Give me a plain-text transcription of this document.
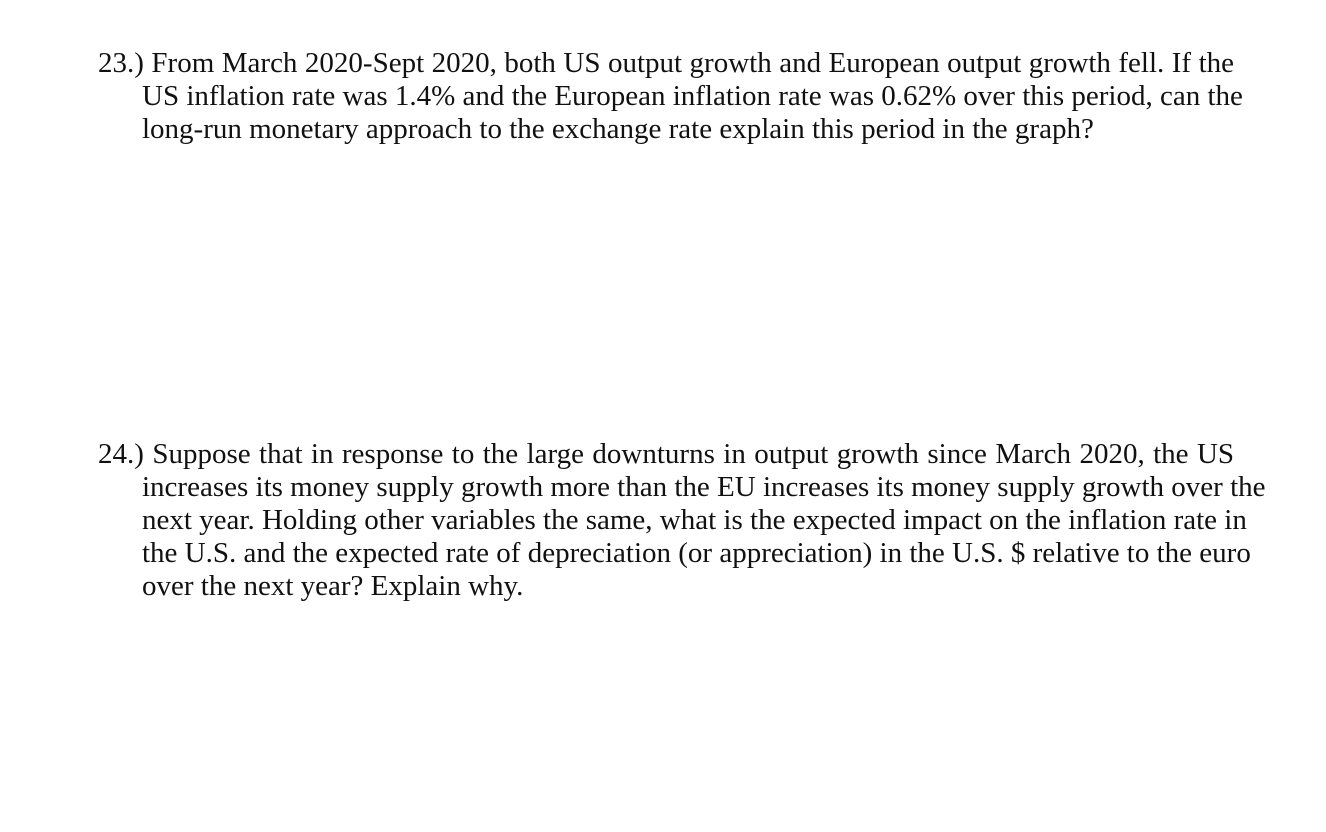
23.) From March 2020-Sept 2020, both US output growth and European output growth fell. If the
US inflation rate was 1.4% and the European inflation rate was 0.62% over this period, can the
long-run monetary approach to the exchange rate explain this period in the graph?
24.) Suppose that in response to the large downturns in output growth since March 2020, the US
increases its money supply growth more than the EU increases its money supply growth over the
next year. Holding other variables the same, what is the expected impact on the inflation rate in
the U.S. and the expected rate of depreciation (or appreciation) in the U.S. $ relative to the euro
over the next year? Explain why.
